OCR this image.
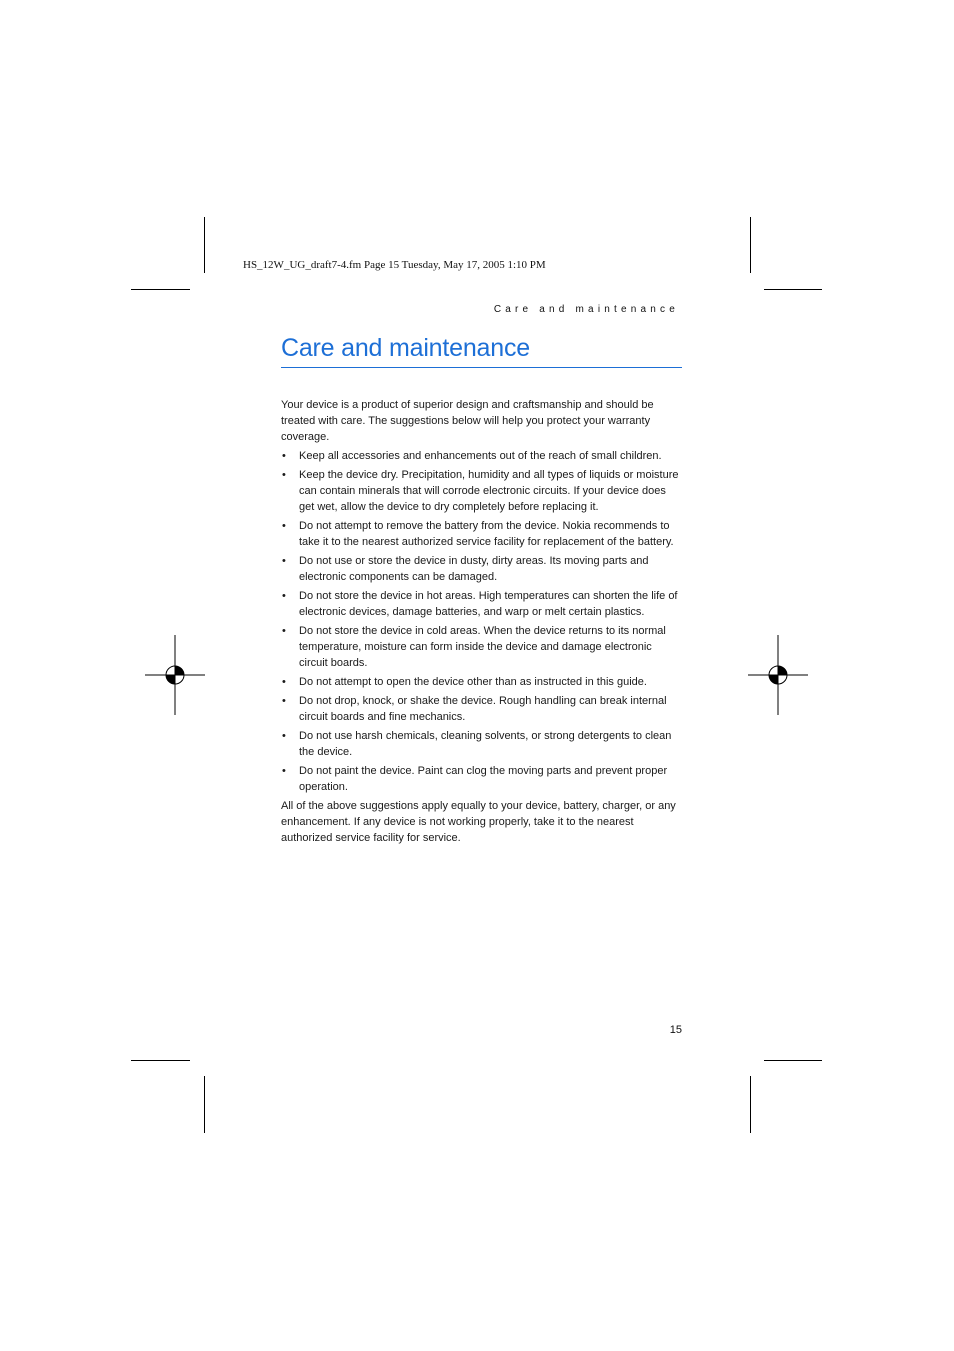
HS_12W_UG_draft7-4.fm Page 15 Tuesday, May 17, 2005 1:10 PM
Care and maintenance
Care and maintenance

Your device is a product of superior design and craftsmanship and should be treated with care. The suggestions below will help you protect your warranty coverage.

• Keep all accessories and enhancements out of the reach of small children.
• Keep the device dry. Precipitation, humidity and all types of liquids or moisture can contain minerals that will corrode electronic circuits. If your device does get wet, allow the device to dry completely before replacing it.
• Do not attempt to remove the battery from the device. Nokia recommends to take it to the nearest authorized service facility for replacement of the battery.
• Do not use or store the device in dusty, dirty areas. Its moving parts and electronic components can be damaged.
• Do not store the device in hot areas. High temperatures can shorten the life of electronic devices, damage batteries, and warp or melt certain plastics.
• Do not store the device in cold areas. When the device returns to its normal temperature, moisture can form inside the device and damage electronic circuit boards.
• Do not attempt to open the device other than as instructed in this guide.
• Do not drop, knock, or shake the device. Rough handling can break internal circuit boards and fine mechanics.
• Do not use harsh chemicals, cleaning solvents, or strong detergents to clean the device.
• Do not paint the device. Paint can clog the moving parts and prevent proper operation.

All of the above suggestions apply equally to your device, battery, charger, or any enhancement. If any device is not working properly, take it to the nearest authorized service facility for service.

15
